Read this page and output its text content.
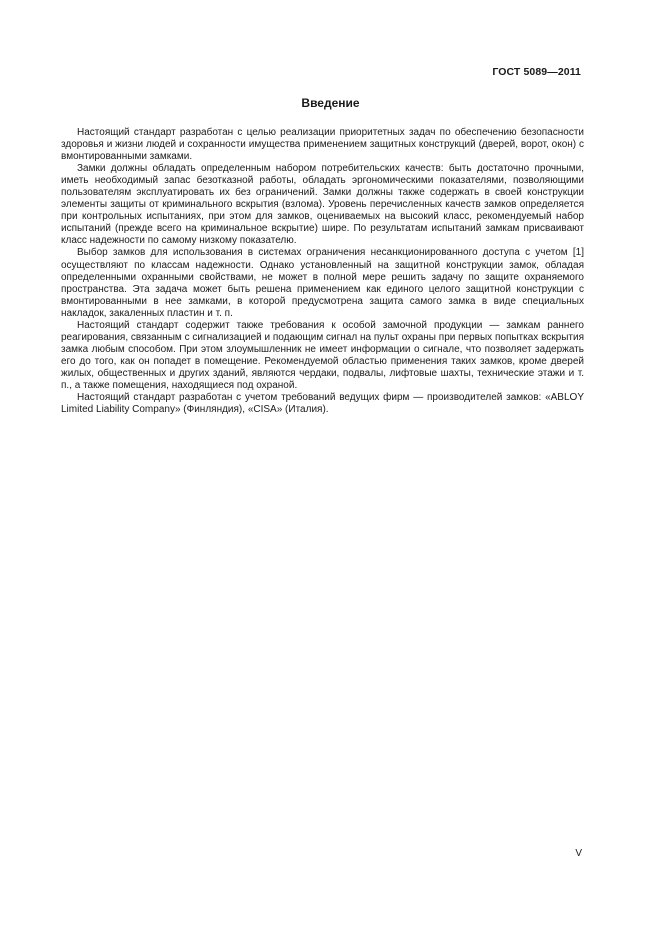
ГОСТ 5089—2011
Введение

Настоящий стандарт разработан с целью реализации приоритетных задач по обеспечению безопасности здоровья и жизни людей и сохранности имущества применением защитных конструкций (дверей, ворот, окон) с вмонтированными замками.

Замки должны обладать определенным набором потребительских качеств: быть достаточно прочными, иметь необходимый запас безотказной работы, обладать эргономическими показателями, позволяющими пользователям эксплуатировать их без ограничений. Замки должны также содержать в своей конструкции элементы защиты от криминального вскрытия (взлома). Уровень перечисленных качеств замков определяется при контрольных испытаниях, при этом для замков, оцениваемых на высокий класс, рекомендуемый набор испытаний (прежде всего на криминальное вскрытие) шире. По результатам испытаний замкам присваивают класс надежности по самому низкому показателю.

Выбор замков для использования в системах ограничения несанкционированного доступа с учетом [1] осуществляют по классам надежности. Однако установленный на защитной конструкции замок, обладая определенными охранными свойствами, не может в полной мере решить задачу по защите охраняемого пространства. Эта задача может быть решена применением как единого целого защитной конструкции с вмонтированными в нее замками, в которой предусмотрена защита самого замка в виде специальных накладок, закаленных пластин и т. п.

Настоящий стандарт содержит также требования к особой замочной продукции — замкам раннего реагирования, связанным с сигнализацией и подающим сигнал на пульт охраны при первых попытках вскрытия замка любым способом. При этом злоумышленник не имеет информации о сигнале, что позволяет задержать его до того, как он попадет в помещение. Рекомендуемой областью применения таких замков, кроме дверей жилых, общественных и других зданий, являются чердаки, подвалы, лифтовые шахты, технические этажи и т. п., а также помещения, находящиеся под охраной.

Настоящий стандарт разработан с учетом требований ведущих фирм — производителей замков: «ABLOY Limited Liability Company» (Финляндия), «CISA» (Италия).

V
